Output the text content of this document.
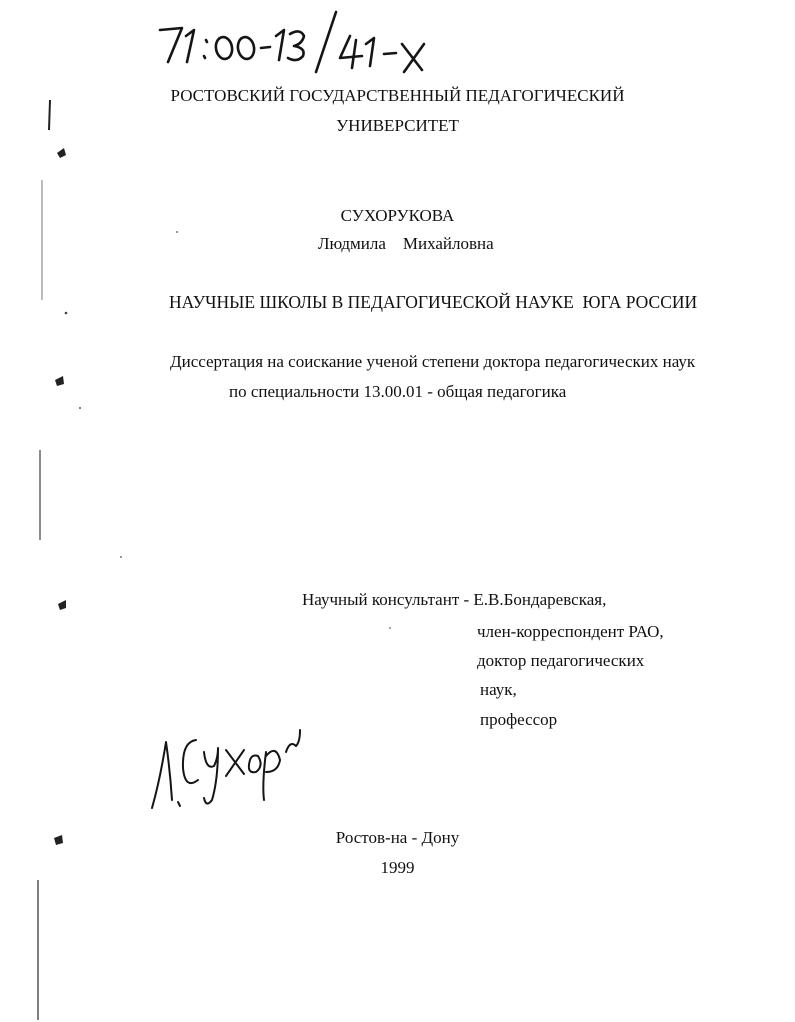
РОСТОВСКИЙ ГОСУДАРСТВЕННЫЙ ПЕДАГОГИЧЕСКИЙ
УНИВЕРСИТЕТ
СУХОРУКОВА
Людмила    Михайловна
НАУЧНЫЕ ШКОЛЫ В ПЕДАГОГИЧЕСКОЙ НАУКЕ  ЮГА РОССИИ
Диссертация на соискание ученой степени доктора педагогических наук
по специальности 13.00.01 - общая педагогика
Научный консультант - Е.В.Бондаревская,
член-корреспондент РАО,
доктор педагогических
наук,
профессор
Ростов-на - Дону
1999
